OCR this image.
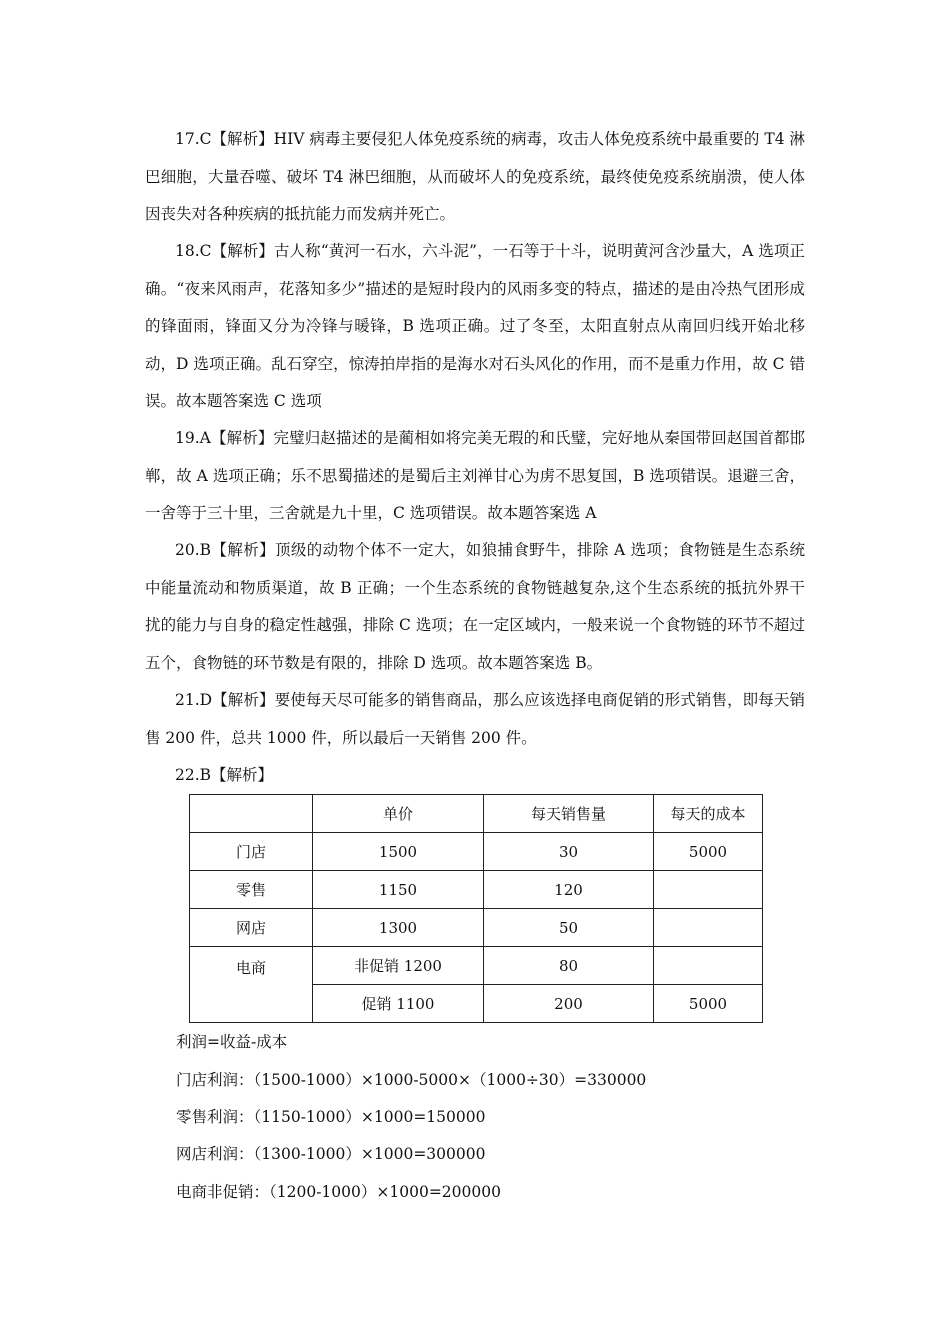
17.C【解析】HIV 病毒主要侵犯人体免疫系统的病毒，攻击人体免疫系统中最重要的 T4 淋巴细胞，大量吞噬、破坏 T4 淋巴细胞，从而破坏人的免疫系统，最终使免疫系统崩溃，使人体因丧失对各种疾病的抵抗能力而发病并死亡。

18.C【解析】古人称“黄河一石水，六斗泥”，一石等于十斗，说明黄河含沙量大，A 选项正确。“夜来风雨声，花落知多少”描述的是短时段内的风雨多变的特点，描述的是由冷热气团形成的锋面雨，锋面又分为冷锋与暖锋，B 选项正确。过了冬至，太阳直射点从南回归线开始北移动，D 选项正确。乱石穿空，惊涛拍岸指的是海水对石头风化的作用，而不是重力作用，故 C 错误。故本题答案选 C 选项

19.A【解析】完璧归赵描述的是蔺相如将完美无瑕的和氏璧，完好地从秦国带回赵国首都邯郸，故 A 选项正确；乐不思蜀描述的是蜀后主刘禅甘心为虏不思复国，B 选项错误。退避三舍，一舍等于三十里，三舍就是九十里，C 选项错误。故本题答案选 A

20.B【解析】顶级的动物个体不一定大，如狼捕食野牛，排除 A 选项；食物链是生态系统中能量流动和物质渠道，故 B 正确；一个生态系统的食物链越复杂,这个生态系统的抵抗外界干扰的能力与自身的稳定性越强，排除 C 选项；在一定区域内，一般来说一个食物链的环节不超过五个，食物链的环节数是有限的，排除 D 选项。故本题答案选 B。

21.D【解析】要使每天尽可能多的销售商品，那么应该选择电商促销的形式销售，即每天销售 200 件，总共 1000 件，所以最后一天销售 200 件。

22.B【解析】

	单价	每天销售量	每天的成本
门店	1500	30	5000
零售	1150	120	
网店	1300	50	
电商	非促销 1200	80	
	促销 1100	200	5000

利润=收益-成本

门店利润：（1500-1000）×1000-5000×（1000÷30）=330000

零售利润：（1150-1000）×1000=150000

网店利润：（1300-1000）×1000=300000

电商非促销：（1200-1000）×1000=200000
